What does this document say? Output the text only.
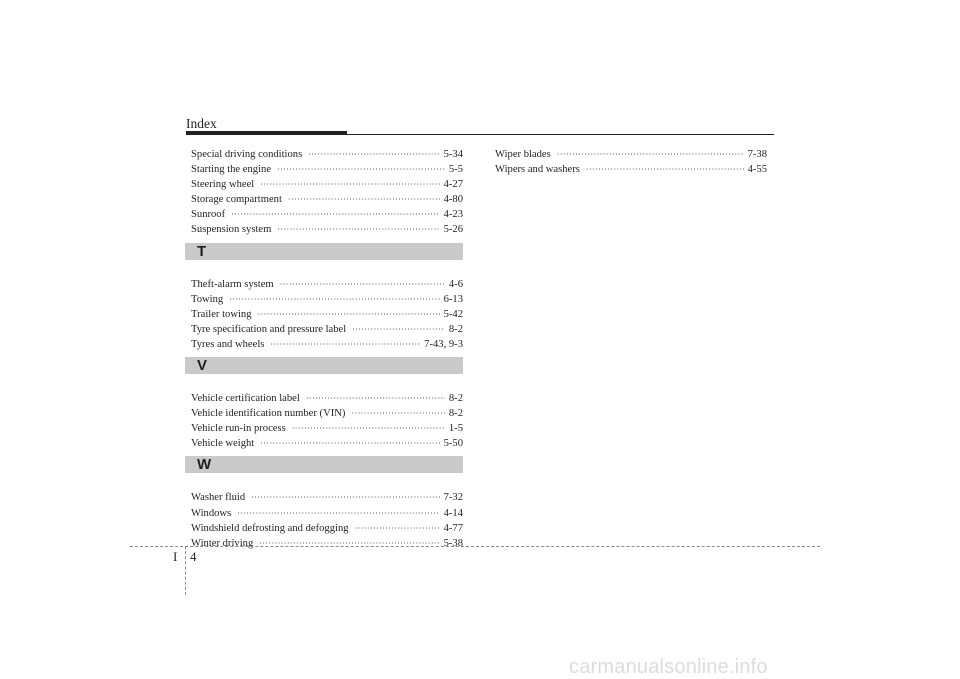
Index
Special driving conditions ·····	5-34
Starting the engine ·····	5-5
Steering wheel ·····	4-27
Storage compartment ·····	4-80
Sunroof ·····	4-23
Suspension system ·····	5-26
T
Theft-alarm system ·····	4-6
Towing ·····	6-13
Trailer towing ·····	5-42
Tyre specification and pressure label ·····	8-2
Tyres and wheels ·····	7-43, 9-3
V
Vehicle certification label ·····	8-2
Vehicle identification number (VIN) ·····	8-2
Vehicle run-in process ·····	1-5
Vehicle weight ·····	5-50
W
Washer fluid ·····	7-32
Windows ·····	4-14
Windshield defrosting and defogging ·····	4-77
Winter driving ·····	5-38
Wiper blades ·····	7-38
Wipers and washers ·····	4-55
I 4
carmanualsonline.info
